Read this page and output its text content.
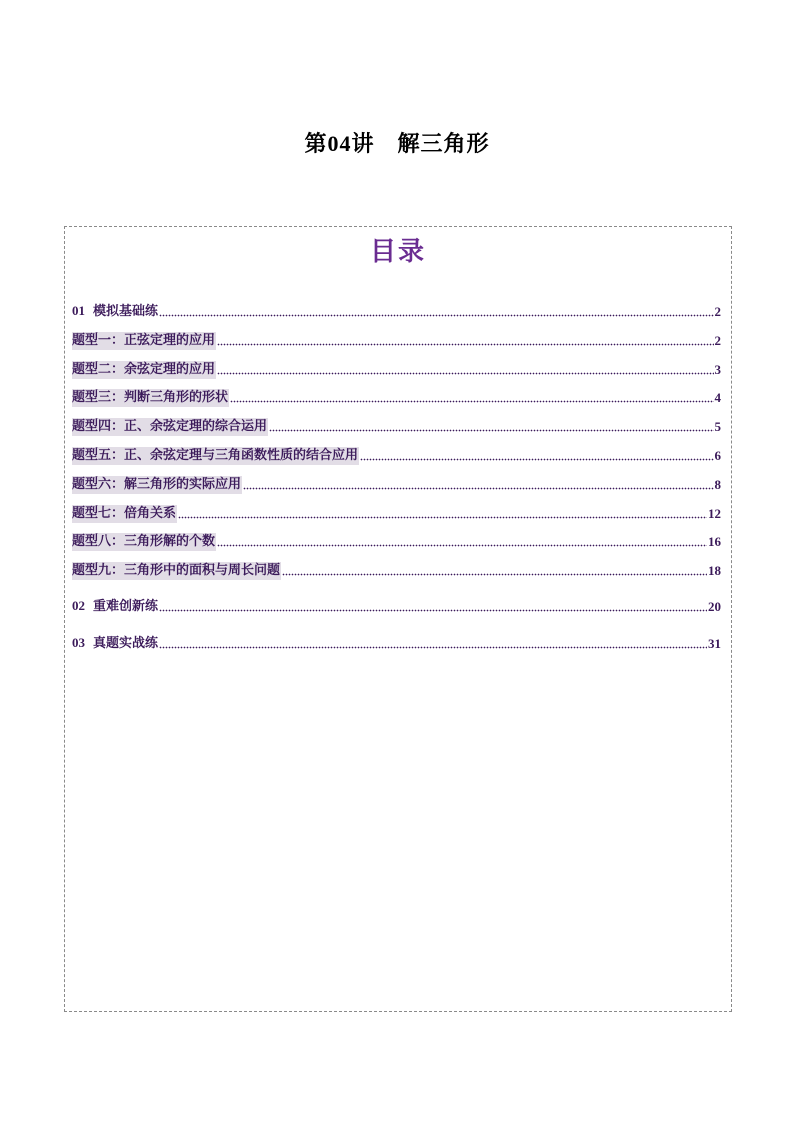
第04讲　解三角形
目录
01 模拟基础练	2
题型一：正弦定理的应用	2
题型二：余弦定理的应用	3
题型三：判断三角形的形状	4
题型四：正、余弦定理的综合运用	5
题型五：正、余弦定理与三角函数性质的结合应用	6
题型六：解三角形的实际应用	8
题型七：倍角关系	12
题型八：三角形解的个数	16
题型九：三角形中的面积与周长问题	18
02 重难创新练	20
03 真题实战练	31
